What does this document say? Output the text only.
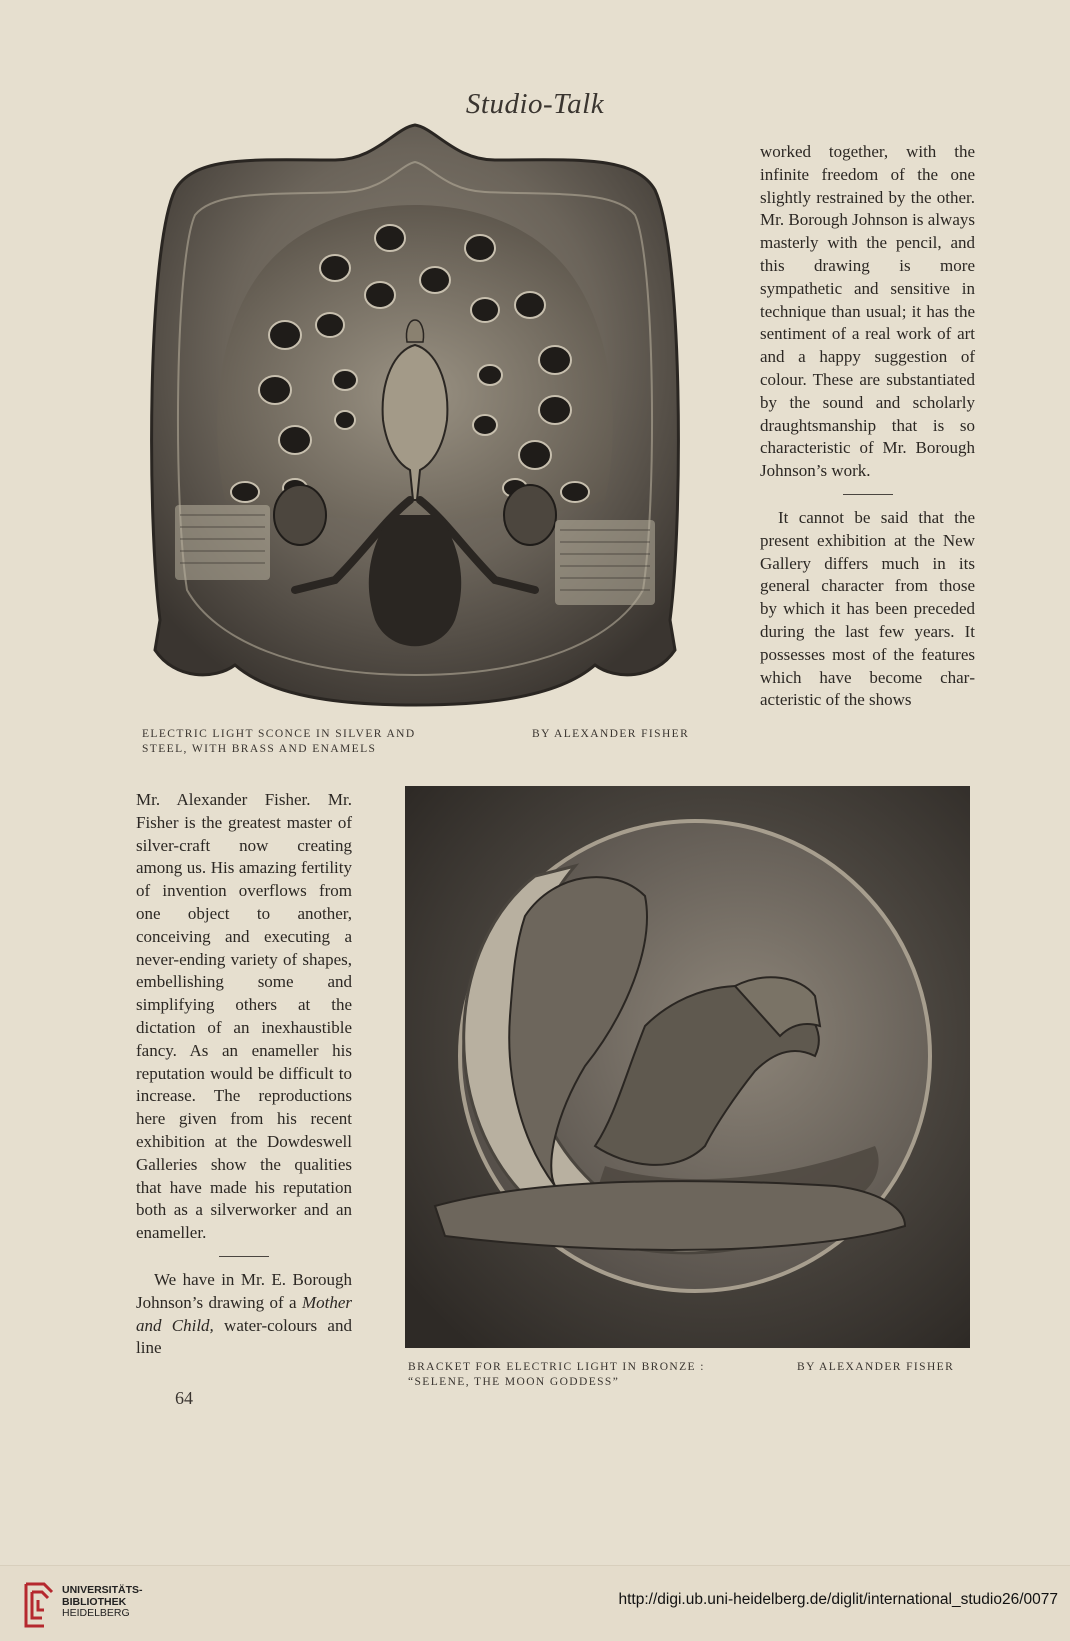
Studio-Talk
ELECTRIC LIGHT SCONCE IN SILVER AND
STEEL, WITH BRASS AND ENAMELS
BY ALEXANDER FISHER

worked together, with the infinite freedom of the one slightly restrained by the other. Mr. Borough Johnson is always masterly with the pencil, and this drawing is more sympathetic and sensitive in technique than usual; it has the sentiment of a real work of art and a happy suggestion of colour. These are substantiated by the sound and scholarly draughtsmanship that is so characteristic of Mr. Borough Johnson’s work.

It cannot be said that the present exhibition at the New Gallery differs much in its general character from those by which it has been preceded during the last few years. It possesses most of the features which have become characteristic of the shows

BRACKET FOR ELECTRIC LIGHT IN BRONZE :
“SELENE, THE MOON GODDESS”
BY ALEXANDER FISHER

Mr. Alexander Fisher. Mr. Fisher is the greatest master of silver-craft now creating among us. His amazing fertility of invention overflows from one object to another, conceiving and executing a never-ending variety of shapes, embellishing some and simplifying others at the dictation of an inexhaustible fancy. As an enameller his reputation would be difficult to increase. The reproductions here given from his recent exhibition at the Dowdeswell Galleries show the qualities that have made his reputation both as a silverworker and an enameller.

We have in Mr. E. Borough Johnson’s drawing of a Mother and Child, water-colours and line

64
UNIVERSITÄTS-
BIBLIOTHEK
HEIDELBERG
http://digi.ub.uni-heidelberg.de/diglit/international_studio26/0077
